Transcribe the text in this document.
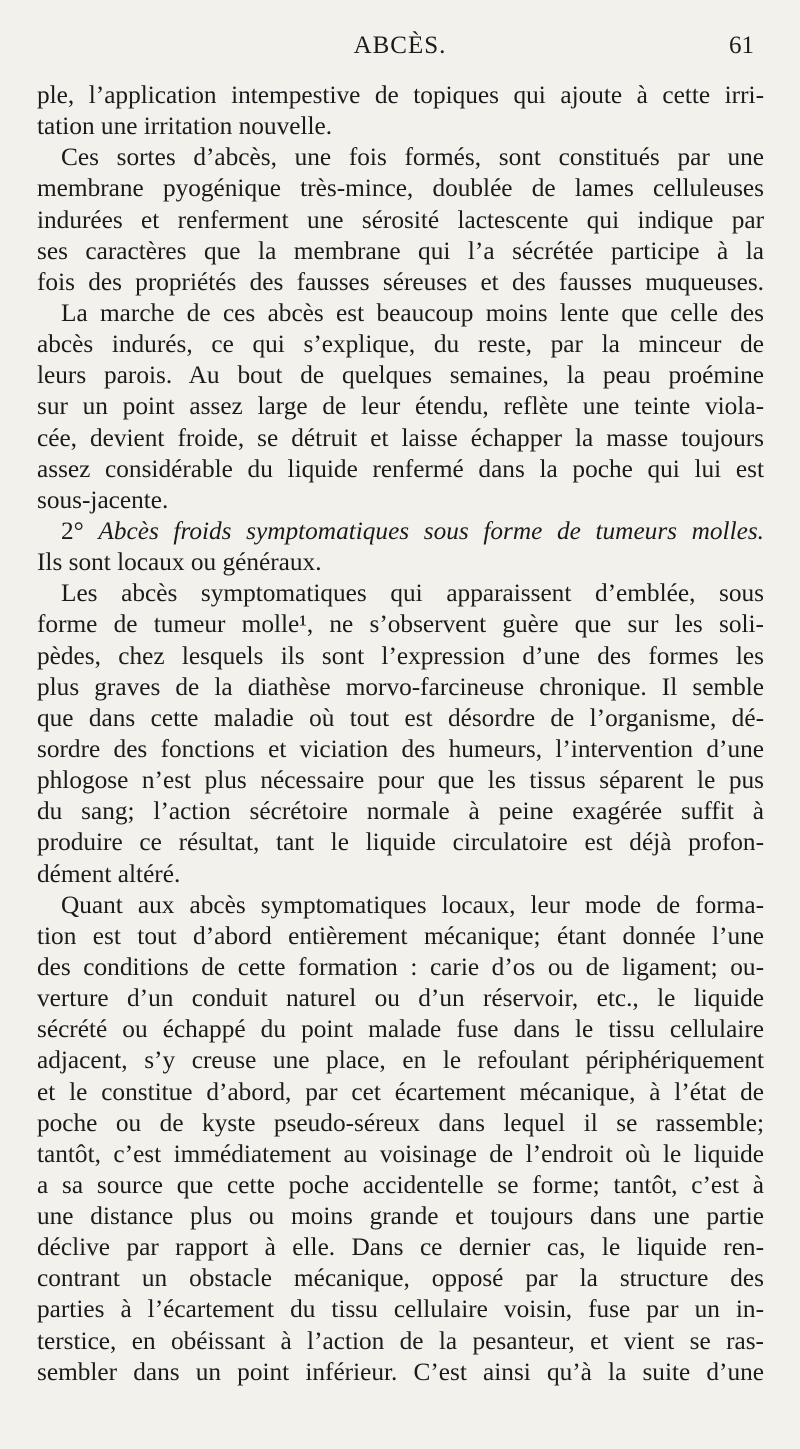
ABCÈS.	61
ple, l’application intempestive de topiques qui ajoute à cette irri-
tation une irritation nouvelle.
Ces sortes d’abcès, une fois formés, sont constitués par une
membrane pyogénique très-mince, doublée de lames celluleuses
indurées et renferment une sérosité lactescente qui indique par
ses caractères que la membrane qui l’a sécrétée participe à la
fois des propriétés des fausses séreuses et des fausses muqueuses.
La marche de ces abcès est beaucoup moins lente que celle des
abcès indurés, ce qui s’explique, du reste, par la minceur de
leurs parois. Au bout de quelques semaines, la peau proémine
sur un point assez large de leur étendu, reflète une teinte viola-
cée, devient froide, se détruit et laisse échapper la masse toujours
assez considérable du liquide renfermé dans la poche qui lui est
sous-jacente.
2° Abcès froids symptomatiques sous forme de tumeurs molles.
Ils sont locaux ou généraux.
Les abcès symptomatiques qui apparaissent d’emblée, sous
forme de tumeur molle¹, ne s’observent guère que sur les soli-
pèdes, chez lesquels ils sont l’expression d’une des formes les
plus graves de la diathèse morvo-farcineuse chronique. Il semble
que dans cette maladie où tout est désordre de l’organisme, dé-
sordre des fonctions et viciation des humeurs, l’intervention d’une
phlogose n’est plus nécessaire pour que les tissus séparent le pus
du sang; l’action sécrétoire normale à peine exagérée suffit à
produire ce résultat, tant le liquide circulatoire est déjà profon-
dément altéré.
Quant aux abcès symptomatiques locaux, leur mode de forma-
tion est tout d’abord entièrement mécanique; étant donnée l’une
des conditions de cette formation : carie d’os ou de ligament; ou-
verture d’un conduit naturel ou d’un réservoir, etc., le liquide
sécrété ou échappé du point malade fuse dans le tissu cellulaire
adjacent, s’y creuse une place, en le refoulant périphériquement
et le constitue d’abord, par cet écartement mécanique, à l’état de
poche ou de kyste pseudo-séreux dans lequel il se rassemble;
tantôt, c’est immédiatement au voisinage de l’endroit où le liquide
a sa source que cette poche accidentelle se forme; tantôt, c’est à
une distance plus ou moins grande et toujours dans une partie
déclive par rapport à elle. Dans ce dernier cas, le liquide ren-
contrant un obstacle mécanique, opposé par la structure des
parties à l’écartement du tissu cellulaire voisin, fuse par un in-
terstice, en obéissant à l’action de la pesanteur, et vient se ras-
sembler dans un point inférieur. C’est ainsi qu’à la suite d’une
